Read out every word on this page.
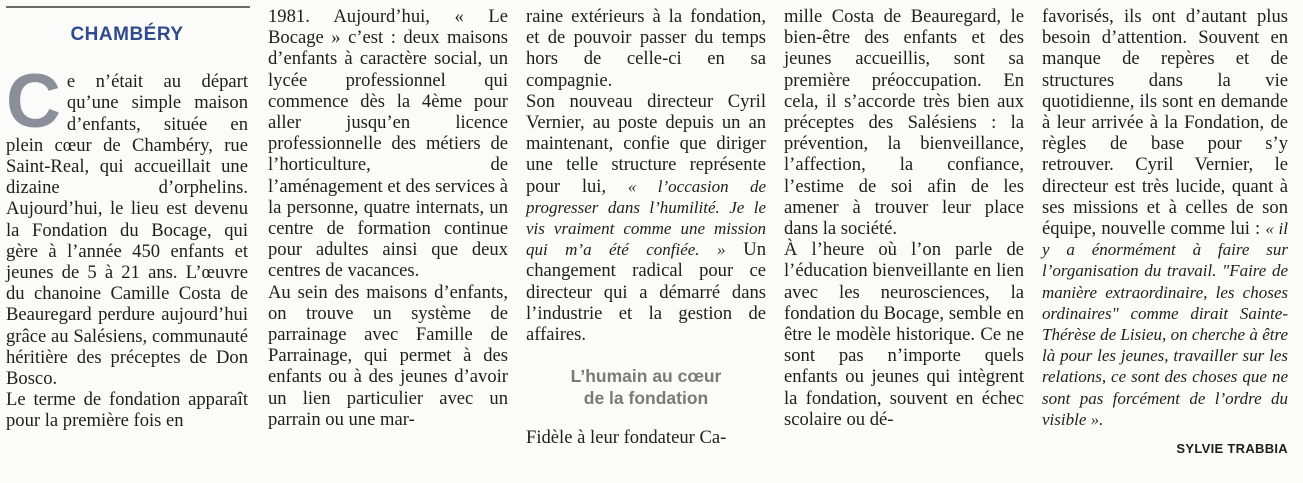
CHAMBÉRY

Ce n’était au départ qu’une simple maison d’enfants, située en plein cœur de Chambéry, rue Saint-Real, qui accueillait une dizaine d’orphelins. Aujourd’hui, le lieu est devenu la Fondation du Bocage, qui gère à l’année 450 enfants et jeunes de 5 à 21 ans. L’œuvre du chanoine Camille Costa de Beauregard perdure aujourd’hui grâce au Salésiens, communauté héritière des préceptes de Don Bosco.

Le terme de fondation apparaît pour la première fois en

1981. Aujourd’hui, « Le Bocage » c’est : deux maisons d’enfants à caractère social, un lycée professionnel qui commence dès la 4ème pour aller jusqu’en licence professionnelle des métiers de l’horticulture, de l’aménagement et des services à la personne, quatre internats, un centre de formation continue pour adultes ainsi que deux centres de vacances.

Au sein des maisons d’enfants, on trouve un système de parrainage avec Famille de Parrainage, qui permet à des enfants ou à des jeunes d’avoir un lien particulier avec un parrain ou une mar-

raine extérieurs à la fondation, et de pouvoir passer du temps hors de celle-ci en sa compagnie.

Son nouveau directeur Cyril Vernier, au poste depuis un an maintenant, confie que diriger une telle structure représente pour lui, « l’occasion de progresser dans l’humilité. Je le vis vraiment comme une mission qui m’a été confiée. » Un changement radical pour ce directeur qui a démarré dans l’industrie et la gestion de affaires.

L’humain au cœur
de la fondation

Fidèle à leur fondateur Ca-

mille Costa de Beauregard, le bien-être des enfants et des jeunes accueillis, sont sa première préoccupation. En cela, il s’accorde très bien aux préceptes des Salésiens : la prévention, la bienveillance, l’affection, la confiance, l’estime de soi afin de les amener à trouver leur place dans la société.

À l’heure où l’on parle de l’éducation bienveillante en lien avec les neurosciences, la fondation du Bocage, semble en être le modèle historique. Ce ne sont pas n’importe quels enfants ou jeunes qui intègrent la fondation, souvent en échec scolaire ou dé-

favorisés, ils ont d’autant plus besoin d’attention. Souvent en manque de repères et de structures dans la vie quotidienne, ils sont en demande à leur arrivée à la Fondation, de règles de base pour s’y retrouver. Cyril Vernier, le directeur est très lucide, quant à ses missions et à celles de son équipe, nouvelle comme lui : « il y a énormément à faire sur l’organisation du travail. "Faire de manière extraordinaire, les choses ordinaires" comme dirait Sainte-Thérèse de Lisieu, on cherche à être là pour les jeunes, travailler sur les relations, ce sont des choses que ne sont pas forcément de l’ordre du visible ».

SYLVIE TRABBIA
